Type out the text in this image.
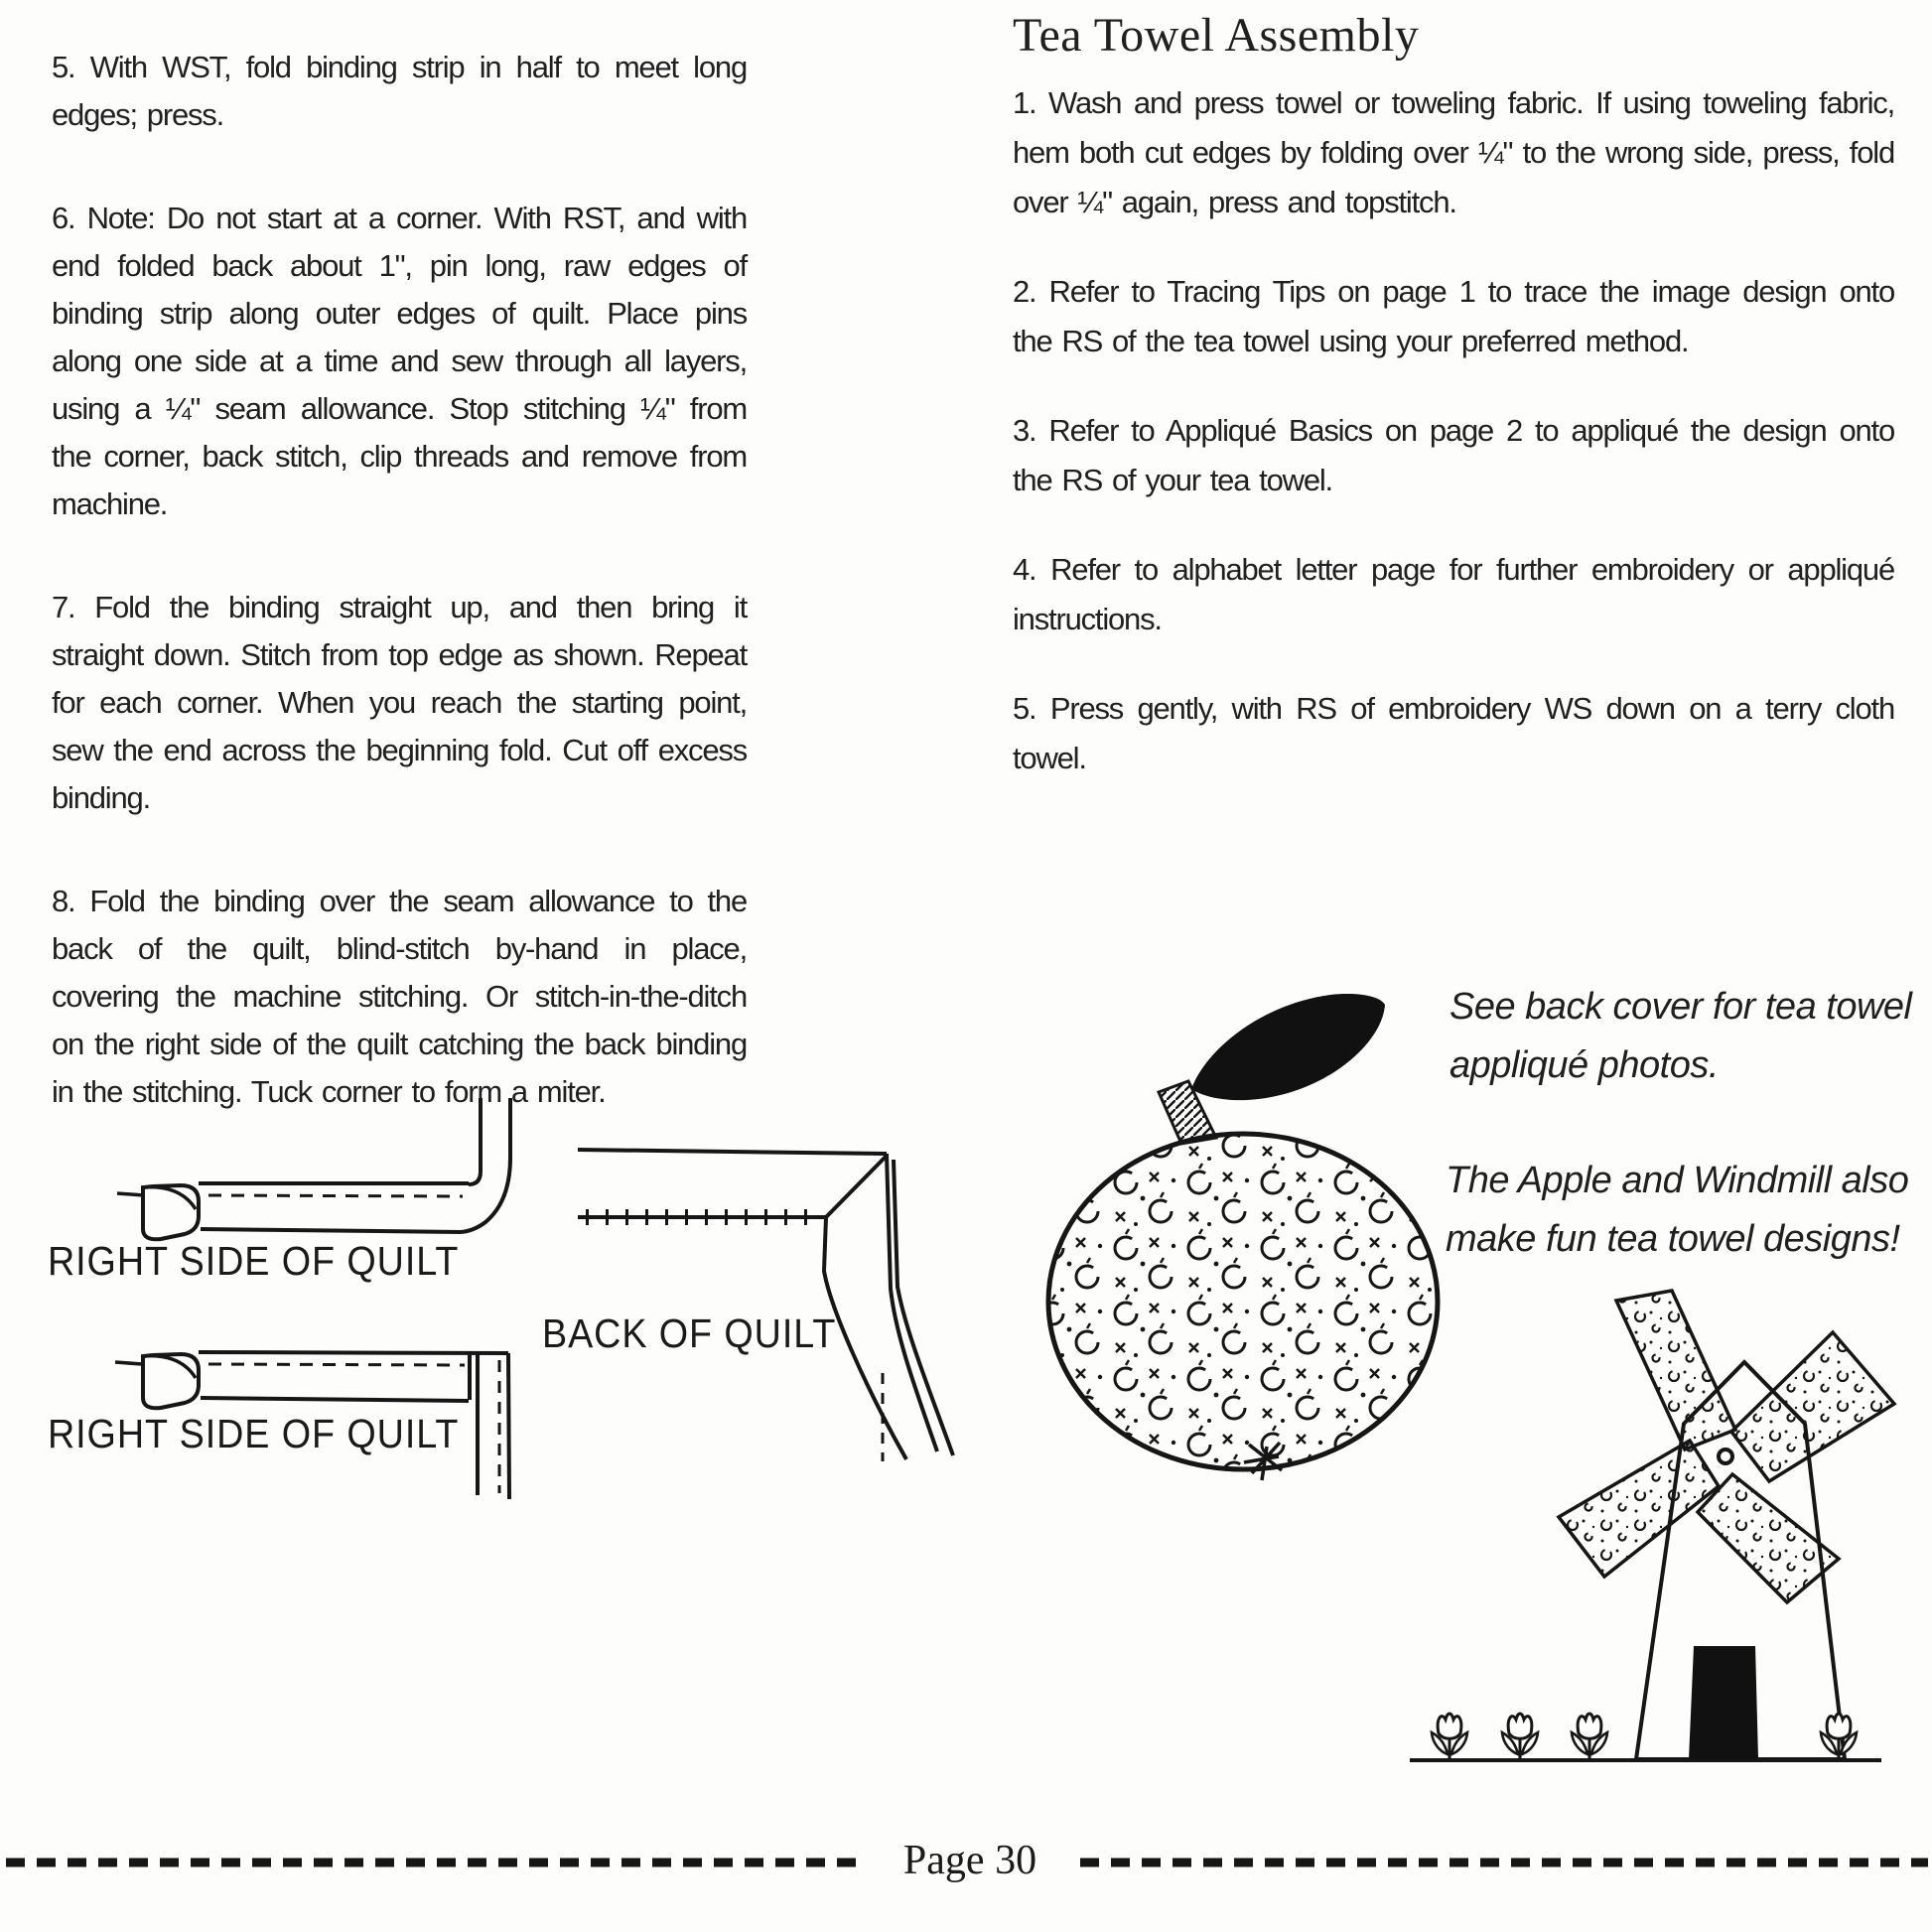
5. With WST, fold binding strip in half to meet long edges; press.

6. Note: Do not start at a corner. With RST, and with end folded back about 1", pin long, raw edges of binding strip along outer edges of quilt. Place pins along one side at a time and sew through all layers, using a ¼" seam allowance. Stop stitching ¼" from the corner, back stitch, clip threads and remove from machine.

7. Fold the binding straight up, and then bring it straight down. Stitch from top edge as shown. Repeat for each corner. When you reach the starting point, sew the end across the beginning fold. Cut off excess binding.

8. Fold the binding over the seam allowance to the back of the quilt, blind-stitch by-hand in place, covering the machine stitching. Or stitch-in-the-ditch on the right side of the quilt catching the back binding in the stitching. Tuck corner to form a miter.

Tea Towel Assembly

1. Wash and press towel or toweling fabric. If using toweling fabric, hem both cut edges by folding over ¼" to the wrong side, press, fold over ¼" again, press and topstitch.

2. Refer to Tracing Tips on page 1 to trace the image design onto the RS of the tea towel using your preferred method.

3. Refer to Appliqué Basics on page 2 to appliqué the design onto the RS of your tea towel.

4. Refer to alphabet letter page for further embroidery or appliqué instructions.

5. Press gently, with RS of embroidery WS down on a terry cloth towel.

See back cover for tea towel appliqué photos.
The Apple and Windmill also make fun tea towel designs!
RIGHT SIDE OF QUILT
RIGHT SIDE OF QUILT
BACK OF QUILT
Page 30
